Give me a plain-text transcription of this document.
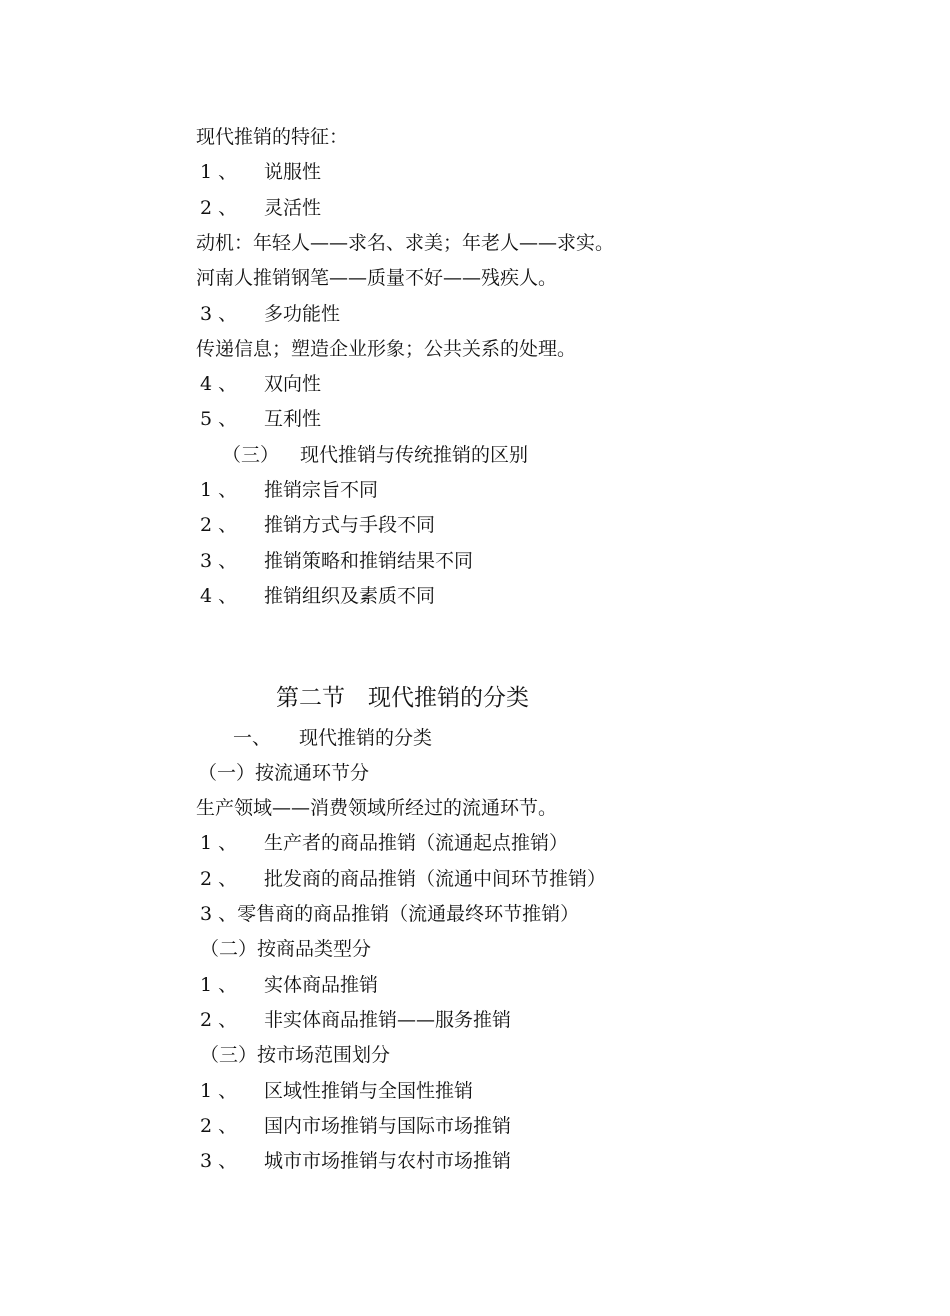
现代推销的特征：
1 、 说服性
2 、 灵活性
动机：年轻人——求名、求美；年老人——求实。
河南人推销钢笔——质量不好——残疾人。
3 、 多功能性
传递信息；塑造企业形象；公共关系的处理。
4 、 双向性
5 、 互利性
（三） 现代推销与传统推销的区别
1 、 推销宗旨不同
2 、 推销方式与手段不同
3 、 推销策略和推销结果不同
4 、 推销组织及素质不同
第二节　现代推销的分类
一、 现代推销的分类
（一）按流通环节分
生产领域——消费领域所经过的流通环节。
1 、 生产者的商品推销（流通起点推销）
2 、 批发商的商品推销（流通中间环节推销）
3 、零售商的商品推销（流通最终环节推销）
（二）按商品类型分
1 、 实体商品推销
2 、 非实体商品推销——服务推销
（三）按市场范围划分
1 、 区域性推销与全国性推销
2 、 国内市场推销与国际市场推销
3 、 城市市场推销与农村市场推销
